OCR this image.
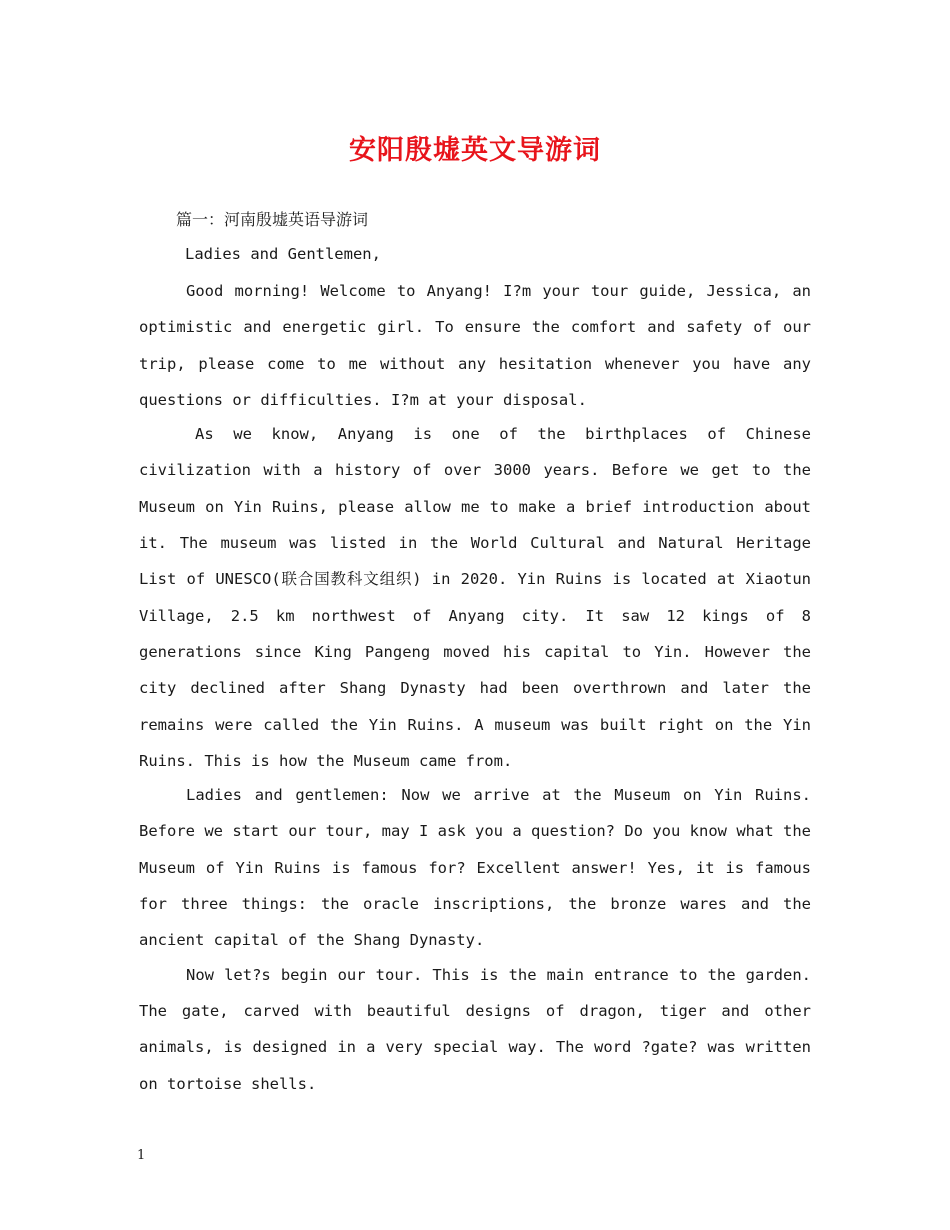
安阳殷墟英文导游词
篇一：河南殷墟英语导游词
Ladies and Gentlemen,

Good morning! Welcome to Anyang! I?m your tour guide, Jessica, an optimistic and energetic girl. To ensure the comfort and safety of our trip, please come to me without any hesitation whenever you have any questions or difficulties. I?m at your disposal.

As we know, Anyang is one of the birthplaces of Chinese civilization with a history of over 3000 years. Before we get to the Museum on Yin Ruins, please allow me to make a brief introduction about it. The museum was listed in the World Cultural and Natural Heritage List of UNESCO(联合国教科文组织) in 2020. Yin Ruins is located at Xiaotun Village, 2.5 km northwest of Anyang city. It saw 12 kings of 8 generations since King Pangeng moved his capital to Yin. However the city declined after Shang Dynasty had been overthrown and later the remains were called the Yin Ruins. A museum was built right on the Yin Ruins. This is how the Museum came from.

Ladies and gentlemen: Now we arrive at the Museum on Yin Ruins. Before we start our tour, may I ask you a question? Do you know what the Museum of Yin Ruins is famous for? Excellent answer! Yes, it is famous for three things: the oracle inscriptions, the bronze wares and the ancient capital of the Shang Dynasty.

Now let?s begin our tour. This is the main entrance to the garden. The gate, carved with beautiful designs of dragon, tiger and other animals, is designed in a very special way. The word ?gate? was written on tortoise shells.

1
